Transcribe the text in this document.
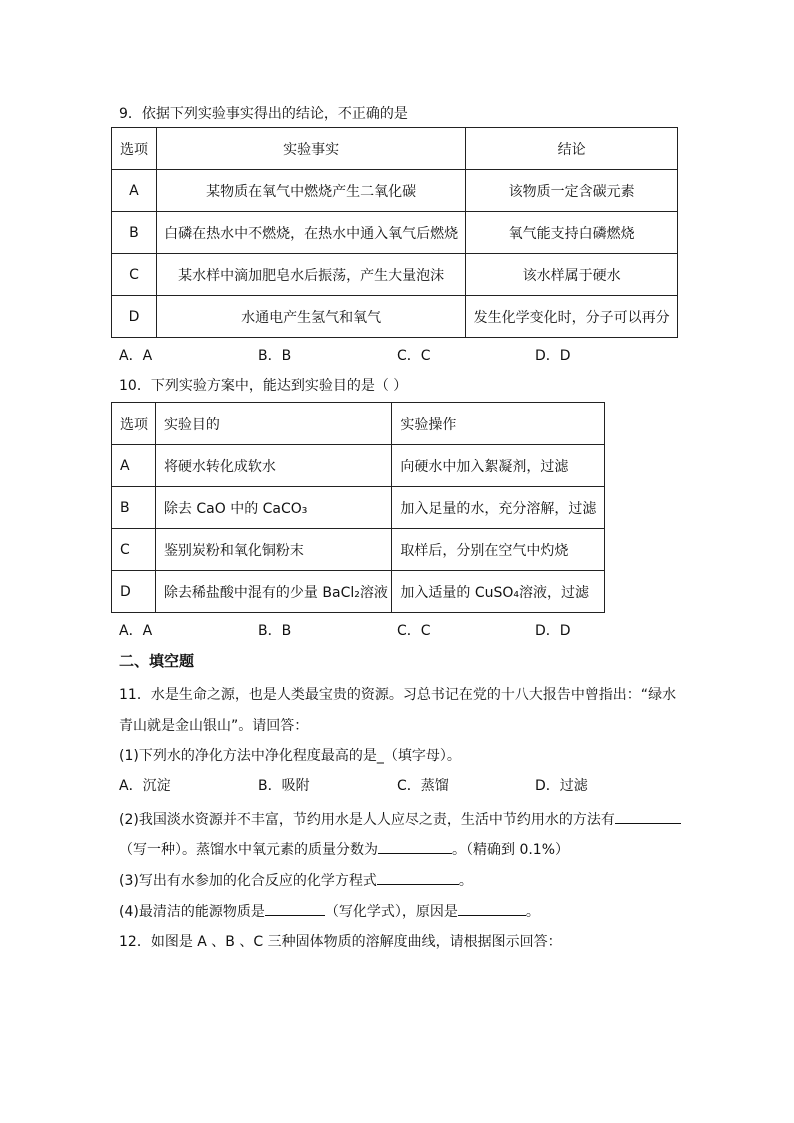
9．依据下列实验事实得出的结论，不正确的是
选项	实验事实	结论
A	某物质在氧气中燃烧产生二氧化碳	该物质一定含碳元素
B	白磷在热水中不燃烧，在热水中通入氧气后燃烧	氧气能支持白磷燃烧
C	某水样中滴加肥皂水后振荡，产生大量泡沫	该水样属于硬水
D	水通电产生氢气和氧气	发生化学变化时，分子可以再分
A．A	B．B	C．C	D．D
10．下列实验方案中，能达到实验目的是（ ）
选项	实验目的	实验操作
A	将硬水转化成软水	向硬水中加入絮凝剂，过滤
B	除去 CaO 中的 CaCO₃	加入足量的水，充分溶解，过滤
C	鉴别炭粉和氧化铜粉末	取样后，分别在空气中灼烧
D	除去稀盐酸中混有的少量 BaCl₂溶液	加入适量的 CuSO₄溶液，过滤
A．A	B．B	C．C	D．D
二、填空题
11．水是生命之源，也是人类最宝贵的资源。习总书记在党的十八大报告中曾指出：“绿水
青山就是金山银山”。请回答：
(1)下列水的净化方法中净化程度最高的是_（填字母）。
A．沉淀	B．吸附	C．蒸馏	D．过滤
(2)我国淡水资源并不丰富，节约用水是人人应尽之责，生活中节约用水的方法有
（写一种）。蒸馏水中氧元素的质量分数为	。（精确到 0.1%）
(3)写出有水参加的化合反应的化学方程式	。
(4)最清洁的能源物质是	（写化学式），原因是	。
12．如图是 A 、B 、C 三种固体物质的溶解度曲线，请根据图示回答：
